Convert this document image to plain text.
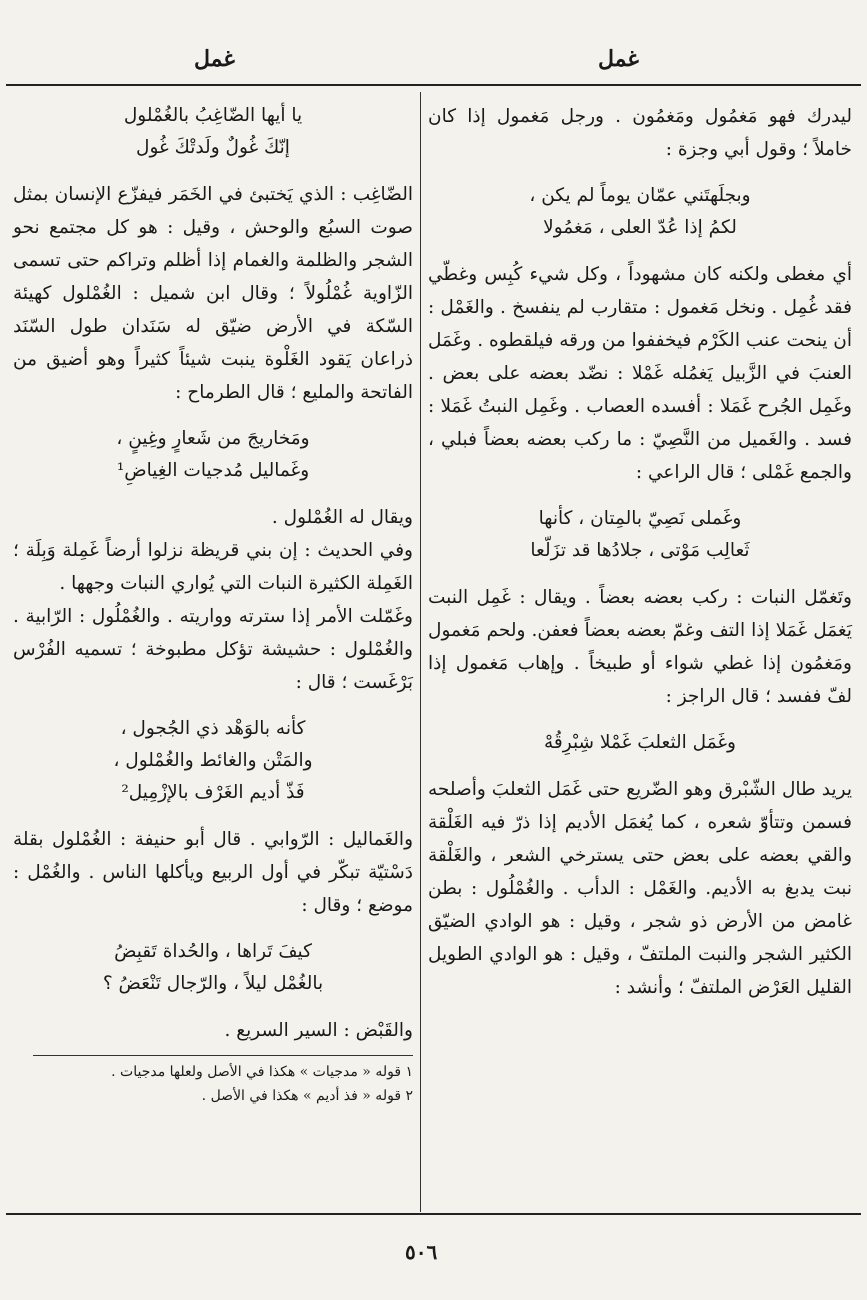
غمل
غمل

ليدرك فهو مَغمُول ومَغمُون . ورجل مَغمول إذا كان خاملاً ؛ وقول أبي وجزة :

وبجلَهتَني عمّان يوماً لم يكن ،
لكمُ إذا عُدّ العلى ، مَغمُولا

أي مغطى ولكنه كان مشهوداً ، وكل شيء كُبِس وغطّي فقد غُمِل . ونخل مَغمول : متقارب لم ينفسخ . والغَمْل : أن ينحت عنب الكَرْم فيخففوا من ورقه فيلقطوه . وغَمَل العنبَ في الزَّبيل يَغمُله غَمْلا : نضّد بعضه على بعض . وغَمِل الجُرح غَمَلا : أفسده العصاب . وغَمِل النبتُ غَمَلا : فسد . والغَميل من النَّصِيّ : ما ركب بعضه بعضاً فبلي ، والجمع غَمْلى ؛ قال الراعي :

وغَملى نَصِيّ بالمِتان ، كأنها
ثَعالِب مَوْتى ، جلادُها قد تزَلّعا

وتَغمّل النبات : ركب بعضه بعضاً . ويقال : غَمِل النبت يَغمَل غَمَلا إذا التف وغمّ بعضه بعضاً فعفن. ولحم مَغمول ومَغمُون إذا غطي شواء أو طبيخاً . وإهاب مَغمول إذا لفّ ففسد ؛ قال الراجز :

وغَمَل الثعلبَ غَمْلا شِبْرِقُهْ

يريد طال الشّبْرق وهو الضّريع حتى غَمَل الثعلبَ وأصلحه فسمن وتتأوّ شعره ، كما يُغمَل الأديم إذا ذرّ فيه الغَلْقة والقي بعضه على بعض حتى يسترخي الشعر ، والغَلْقة نبت يدبغ به الأديم. والغَمْل : الدأب . والغُمْلُول : بطن غامض من الأرض ذو شجر ، وقيل : هو الوادي الضيّق الكثير الشجر والنبت الملتفّ ، وقيل : هو الوادي الطويل القليل العَرْض الملتفّ ؛ وأنشد :

يا أيها الضّاغِبُ بالغُمْلول
إنّكَ غُولٌ ولَدتْكَ غُول

الضّاغِب : الذي يَختبئ في الخَمَر فيفزّع الإنسان بمثل صوت السبُع والوحش ، وقيل : هو كل مجتمع نحو الشجر والظلمة والغمام إذا أظلم وتراكم حتى تسمى الزّاوية غُمْلُولاً ؛ وقال ابن شميل : الغُمْلول كهيئة السّكة في الأرض ضيّق له سَنَدان طول السّنَد ذراعان يَقود الغَلْوة ينبت شيئاً كثيراً وهو أضيق من الفاتحة والمليع ؛ قال الطرماح :

ومَخاريجَ من شَعارٍ وغِينٍ ،
وغَماليل مُدجيات الغِياضِ¹

ويقال له الغُمْلول .

وفي الحديث : إن بني قريظة نزلوا أرضاً غَمِلة وَبِلَة ؛ الغَمِلة الكثيرة النبات التي يُواري النبات وجهها .

وغَمّلت الأمر إذا سترته وواريته . والغُمْلُول : الرّابية . والغُمْلول : حشيشة تؤكل مطبوخة ؛ تسميه الفُرْس بَرْغَست ؛ قال :

كأنه بالوَهْد ذي الجُجول ،
والمَتْن والغائط والغُمْلول ،
فَذّ أديم الغَرْف بالإزْمِيل²

والغَماليل : الرّوابي . قال أبو حنيفة : الغُمْلول بقلة دَسْتيّة تبكّر في أول الربيع ويأكلها الناس . والغُمْل : موضع ؛ وقال :

كيفَ تَراها ، والحُداة تَقبِضُ
بالغُمْل ليلاً ، والرّجال تَنْعَضُ ؟

والقَبْض : السير السريع .

١ قوله « مدجيات » هكذا في الأصل ولعلها مدجيات .
٢ قوله « فذ أديم » هكذا في الأصل .
٥٠٦
